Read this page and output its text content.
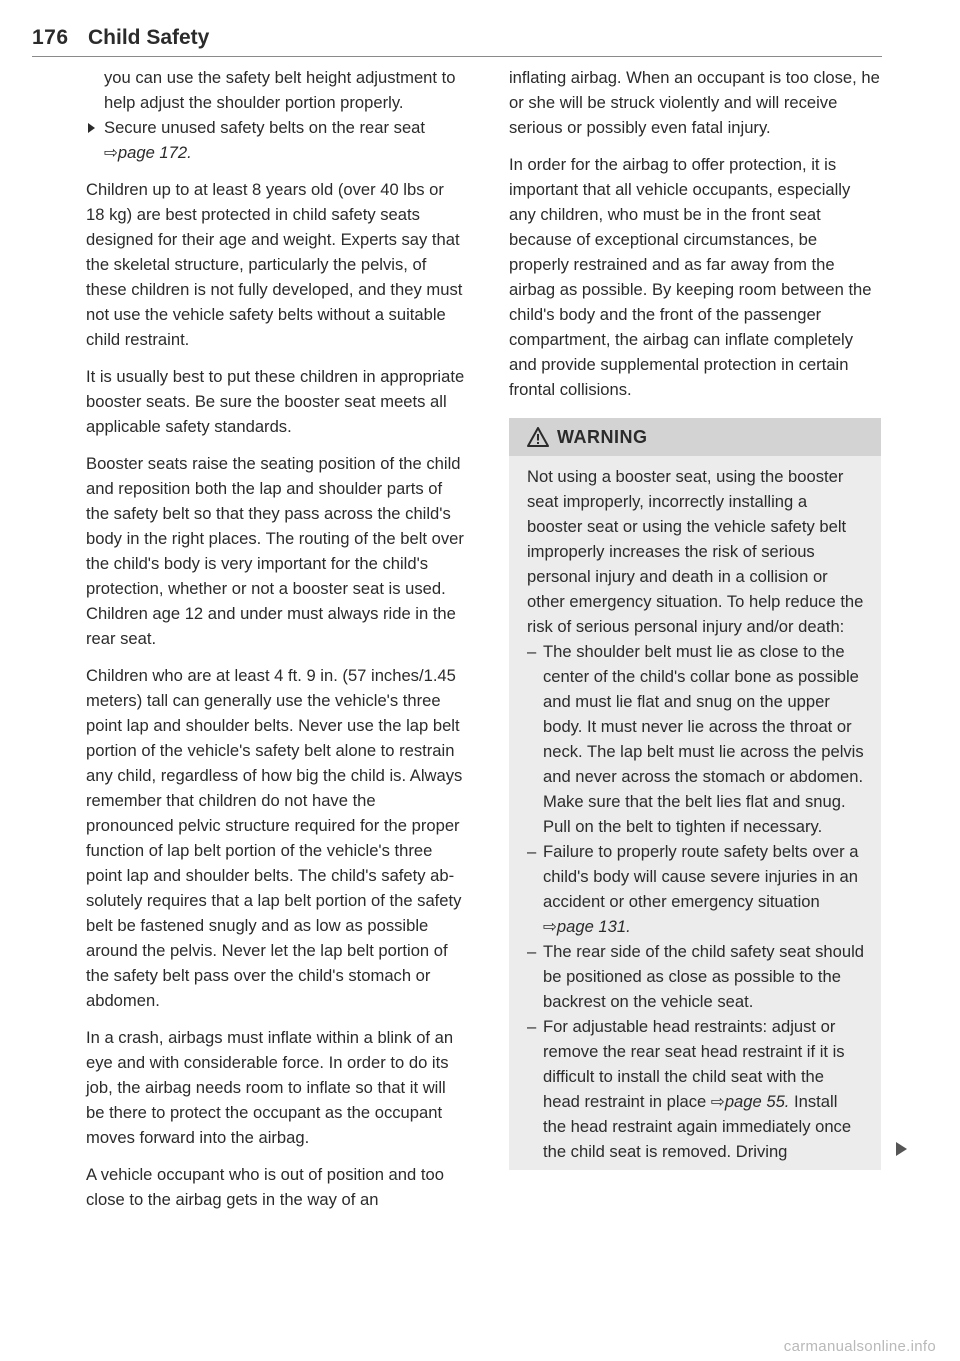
176 Child Safety

you can use the safety belt height adjustment to help adjust the shoulder portion properly.

Secure unused safety belts on the rear seat
⇨page 172.

Children up to at least 8 years old (over 40 lbs or 18 kg) are best protected in child safety seats designed for their age and weight. Experts say that the skeletal structure, particularly the pelvis, of these children is not fully developed, and they must not use the vehicle safety belts without a suitable child restraint.

It is usually best to put these children in appropriate booster seats. Be sure the booster seat meets all applicable safety standards.

Booster seats raise the seating position of the child and reposition both the lap and shoulder parts of the safety belt so that they pass across the child's body in the right places. The routing of the belt over the child's body is very important for the child's protection, whether or not a booster seat is used. Children age 12 and under must always ride in the rear seat.

Children who are at least 4 ft. 9 in. (57 inches/1.45 meters) tall can generally use the vehicle's three point lap and shoulder belts. Never use the lap belt portion of the vehicle's safety belt alone to restrain any child, regardless of how big the child is. Always remember that children do not have the pronounced pelvic structure required for the proper function of lap belt portion of the vehicle's three point lap and shoulder belts. The child's safety absolutely requires that a lap belt portion of the safety belt be fastened snugly and as low as possible around the pelvis. Never let the lap belt portion of the safety belt pass over the child's stomach or abdomen.

In a crash, airbags must inflate within a blink of an eye and with considerable force. In order to do its job, the airbag needs room to inflate so that it will be there to protect the occupant as the occupant moves forward into the airbag.

A vehicle occupant who is out of position and too close to the airbag gets in the way of an

inflating airbag. When an occupant is too close, he or she will be struck violently and will receive serious or possibly even fatal injury.

In order for the airbag to offer protection, it is important that all vehicle occupants, especially any children, who must be in the front seat because of exceptional circumstances, be properly restrained and as far away from the airbag as possible. By keeping room between the child's body and the front of the passenger compartment, the airbag can inflate completely and provide supplemental protection in certain frontal collisions.

WARNING

Not using a booster seat, using the booster seat improperly, incorrectly installing a booster seat or using the vehicle safety belt improperly increases the risk of serious personal injury and death in a collision or other emergency situation. To help reduce the risk of serious personal injury and/or death:

– The shoulder belt must lie as close to the center of the child's collar bone as possible and must lie flat and snug on the upper body. It must never lie across the throat or neck. The lap belt must lie across the pelvis and never across the stomach or abdomen. Make sure that the belt lies flat and snug. Pull on the belt to tighten if necessary.
– Failure to properly route safety belts over a child's body will cause severe injuries in an accident or other emergency situation ⇨page 131.
– The rear side of the child safety seat should be positioned as close as possible to the backrest on the vehicle seat.
– For adjustable head restraints: adjust or remove the rear seat head restraint if it is difficult to install the child seat with the head restraint in place ⇨page 55. Install the head restraint again immediately once the child seat is removed. Driving
carmanualsonline.info
